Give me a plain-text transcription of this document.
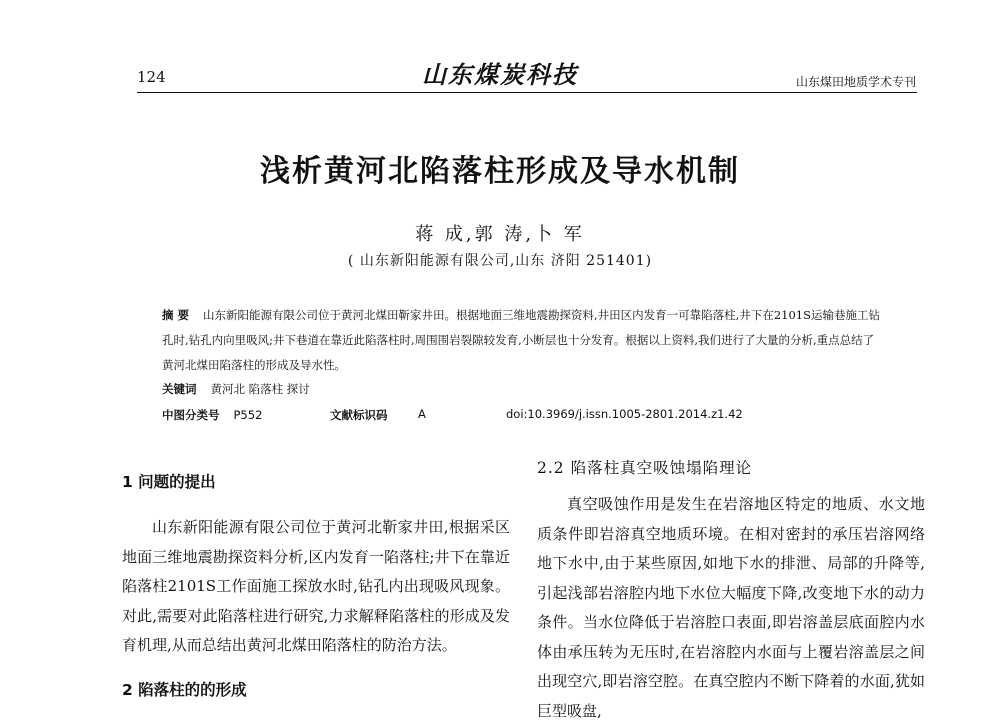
124	山东煤炭科技	山东煤田地质学术专刊
浅析黄河北陷落柱形成及导水机制
蒋 成,郭 涛,卜 军
( 山东新阳能源有限公司,山东 济阳 251401)
摘 要 山东新阳能源有限公司位于黄河北煤田靳家井田。根据地面三维地震勘探资料,井田区内发育一可靠陷落柱,井下在2101S运输巷施工钻孔时,钻孔内向里吸风;井下巷道在靠近此陷落柱时,周围围岩裂隙较发育,小断层也十分发育。根据以上资料,我们进行了大量的分析,重点总结了黄河北煤田陷落柱的形成及导水性。
关键词 黄河北 陷落柱 探讨
中图分类号 P552	文献标识码	A	doi:10.3969/j.issn.1005-2801.2014.z1.42
1 问题的提出
山东新阳能源有限公司位于黄河北靳家井田,根据采区地面三维地震勘探资料分析,区内发育一陷落柱;井下在靠近陷落柱2101S工作面施工探放水时,钻孔内出现吸风现象。对此,需要对此陷落柱进行研究,力求解释陷落柱的形成及发育机理,从而总结出黄河北煤田陷落柱的防治方法。
2 陷落柱的的形成
2.2 陷落柱真空吸蚀塌陷理论
真空吸蚀作用是发生在岩溶地区特定的地质、水文地质条件即岩溶真空地质环境。在相对密封的承压岩溶网络地下水中,由于某些原因,如地下水的排泄、局部的升降等,引起浅部岩溶腔内地下水位大幅度下降,改变地下水的动力条件。当水位降低于岩溶腔口表面,即岩溶盖层底面腔内水体由承压转为无压时,在岩溶腔内水面与上覆岩溶盖层之间出现空穴,即岩溶空腔。在真空腔内不断下降着的水面,犹如巨型吸盘,
